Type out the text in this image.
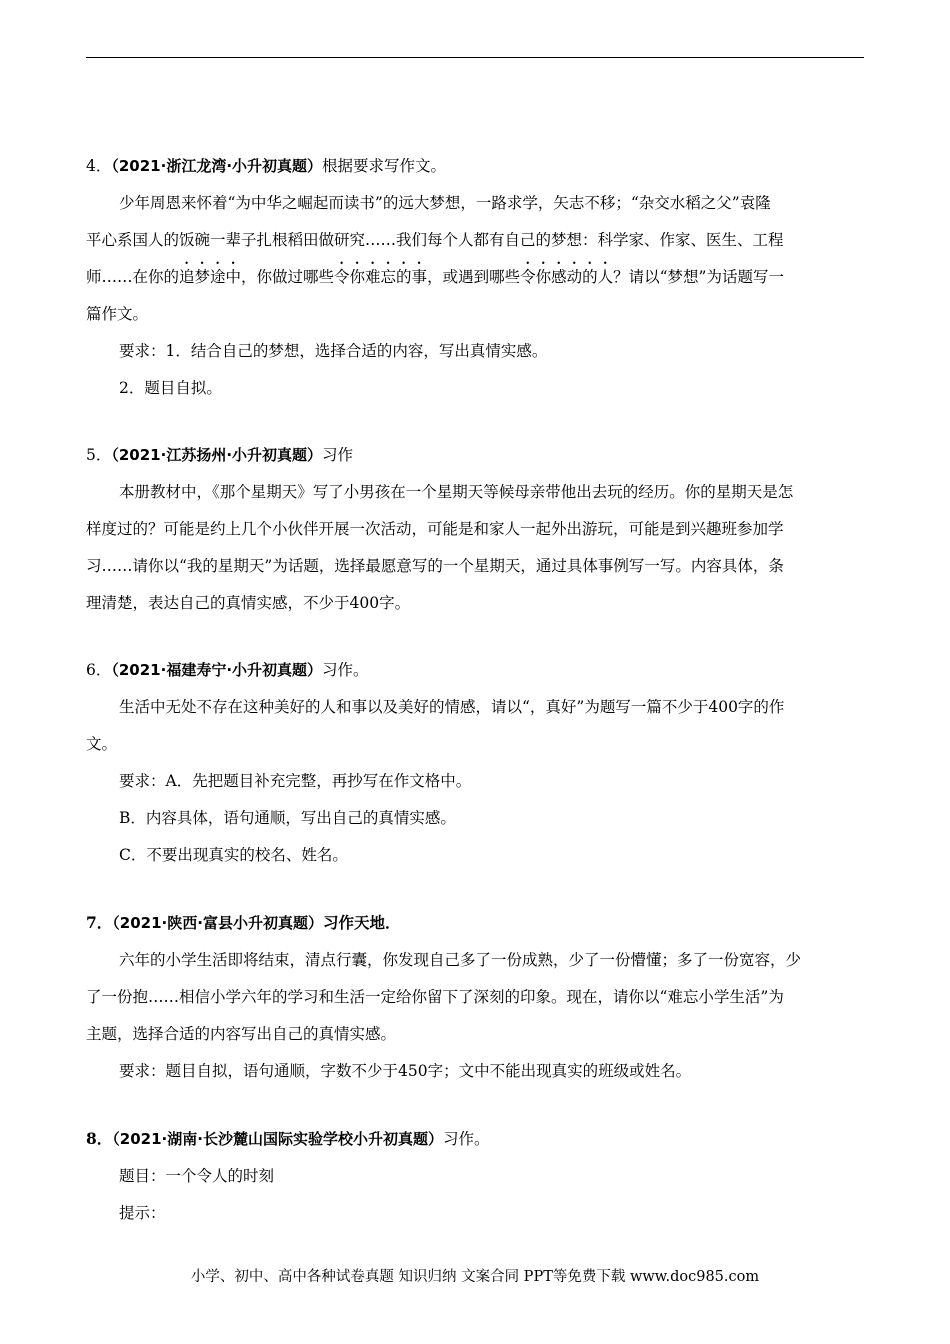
4．（2021·浙江龙湾·小升初真题）根据要求写作文。
少年周恩来怀着“为中华之崛起而读书”的远大梦想，一路求学，矢志不移；“杂交水稻之父”袁隆
平心系国人的饭碗一辈子扎根稻田做研究……我们每个人都有自己的梦想：科学家、作家、医生、工程
师……在你的追梦途中，你做过哪些令你难忘的事，或遇到哪些令你感动的人？请以“梦想”为话题写一
篇作文。
要求：1．结合自己的梦想，选择合适的内容，写出真情实感。
2．题目自拟。
5．（2021·江苏扬州·小升初真题）习作
本册教材中，《那个星期天》写了小男孩在一个星期天等候母亲带他出去玩的经历。你的星期天是怎
样度过的？可能是约上几个小伙伴开展一次活动，可能是和家人一起外出游玩，可能是到兴趣班参加学
习……请你以“我的星期天”为话题，选择最愿意写的一个星期天，通过具体事例写一写。内容具体，条
理清楚，表达自己的真情实感，不少于400字。
6．（2021·福建寿宁·小升初真题）习作。
生活中无处不存在这种美好的人和事以及美好的情感，请以“，真好”为题写一篇不少于400字的作
文。
要求：A．先把题目补充完整，再抄写在作文格中。
B．内容具体，语句通顺，写出自己的真情实感。
C．不要出现真实的校名、姓名。
7．（2021·陕西·富县小升初真题）习作天地．
六年的小学生活即将结束，清点行囊，你发现自己多了一份成熟，少了一份懵懂；多了一份宽容，少
了一份抱……相信小学六年的学习和生活一定给你留下了深刻的印象。现在，请你以“难忘小学生活”为
主题，选择合适的内容写出自己的真情实感。
要求：题目自拟，语句通顺，字数不少于450字；文中不能出现真实的班级或姓名。
8．（2021·湖南·长沙麓山国际实验学校小升初真题）习作。
题目：一个令人的时刻
提示：
小学、初中、高中各种试卷真题 知识归纳 文案合同 PPT等免费下载 www.doc985.com
